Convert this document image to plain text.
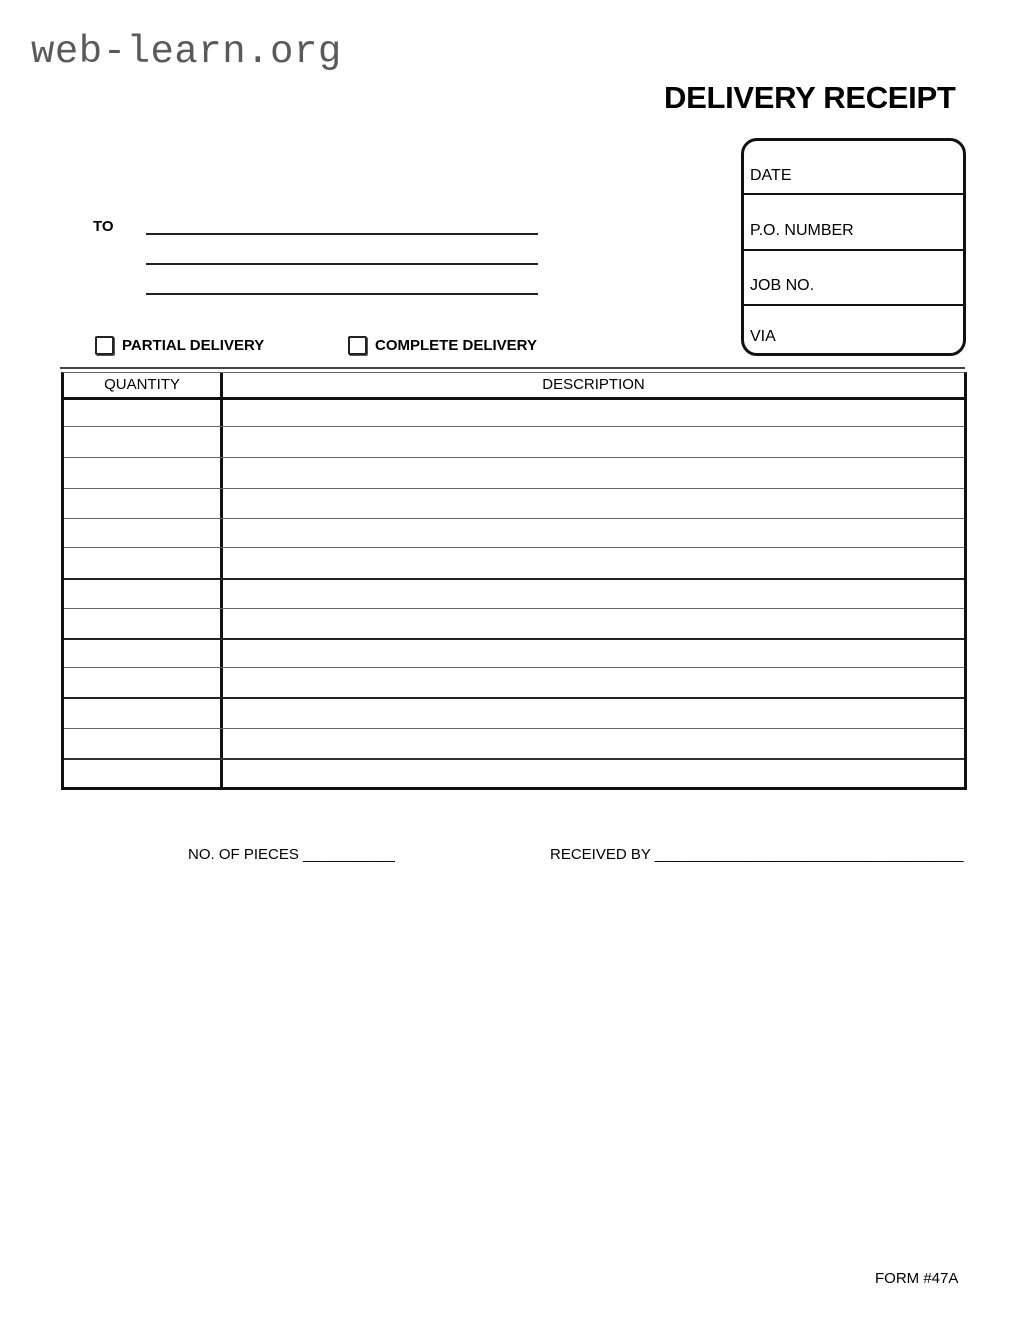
web-learn.org
DELIVERY RECEIPT
DATE
P.O. NUMBER
JOB NO.
VIA
TO
PARTIAL DELIVERY	COMPLETE DELIVERY
QUANTITY	DESCRIPTION
NO. OF PIECES ___________	RECEIVED BY _____________________________________
FORM #47A
